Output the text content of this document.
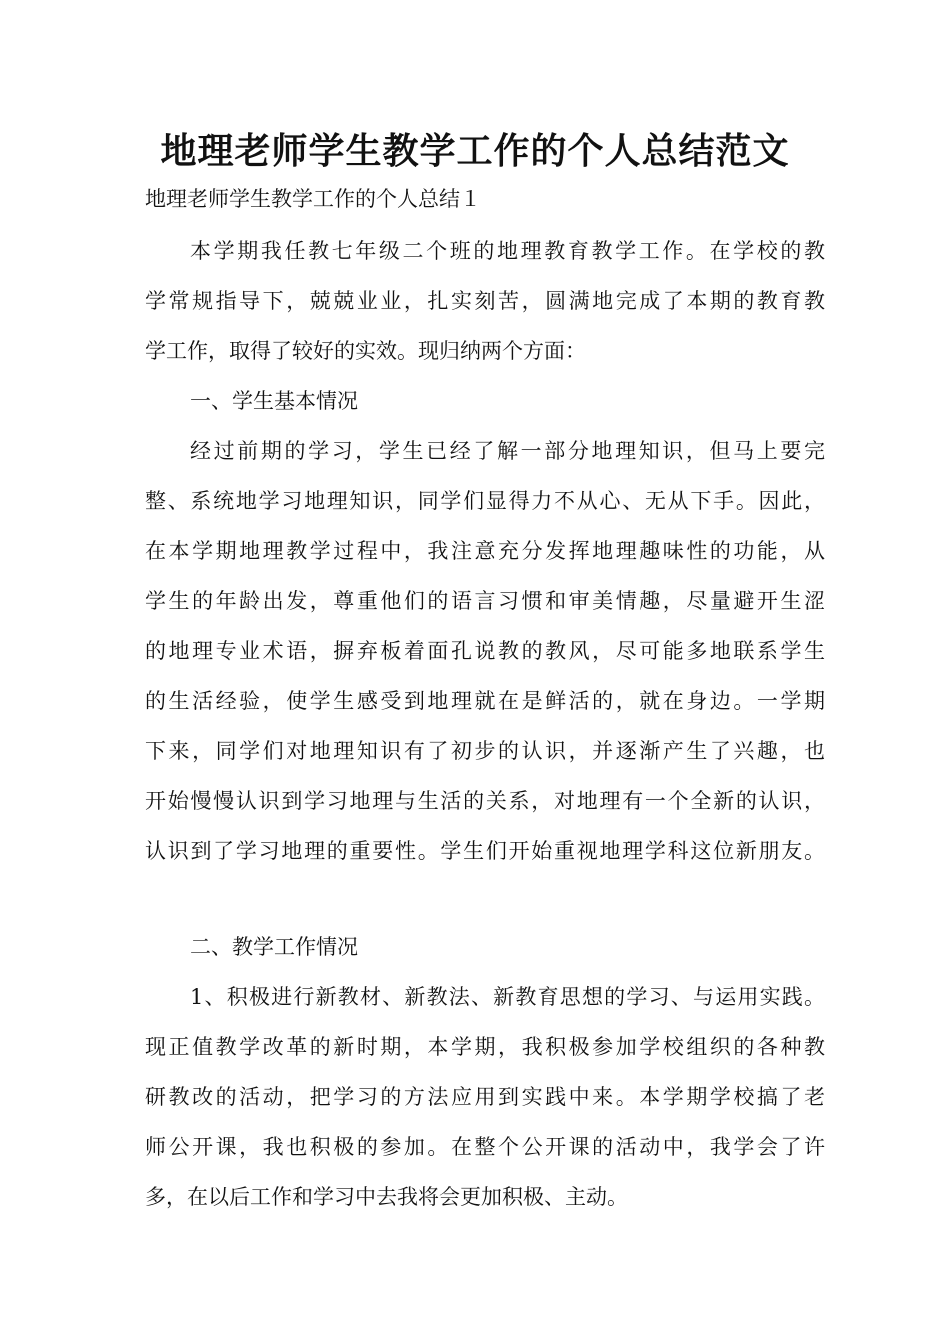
地理老师学生教学工作的个人总结范文
地理老师学生教学工作的个人总结１
本学期我任教七年级二个班的地理教育教学工作。在学校的教
学常规指导下，兢兢业业，扎实刻苦，圆满地完成了本期的教育教
学工作，取得了较好的实效。现归纳两个方面：
一、学生基本情况
经过前期的学习，学生已经了解一部分地理知识，但马上要完
整、系统地学习地理知识，同学们显得力不从心、无从下手。因此，
在本学期地理教学过程中，我注意充分发挥地理趣味性的功能，从
学生的年龄出发，尊重他们的语言习惯和审美情趣，尽量避开生涩
的地理专业术语，摒弃板着面孔说教的教风，尽可能多地联系学生
的生活经验，使学生感受到地理就在是鲜活的，就在身边。一学期
下来，同学们对地理知识有了初步的认识，并逐渐产生了兴趣，也
开始慢慢认识到学习地理与生活的关系，对地理有一个全新的认识，
认识到了学习地理的重要性。学生们开始重视地理学科这位新朋友。
二、教学工作情况
1、积极进行新教材、新教法、新教育思想的学习、与运用实践。
现正值教学改革的新时期，本学期，我积极参加学校组织的各种教
研教改的活动，把学习的方法应用到实践中来。本学期学校搞了老
师公开课，我也积极的参加。在整个公开课的活动中，我学会了许
多，在以后工作和学习中去我将会更加积极、主动。
